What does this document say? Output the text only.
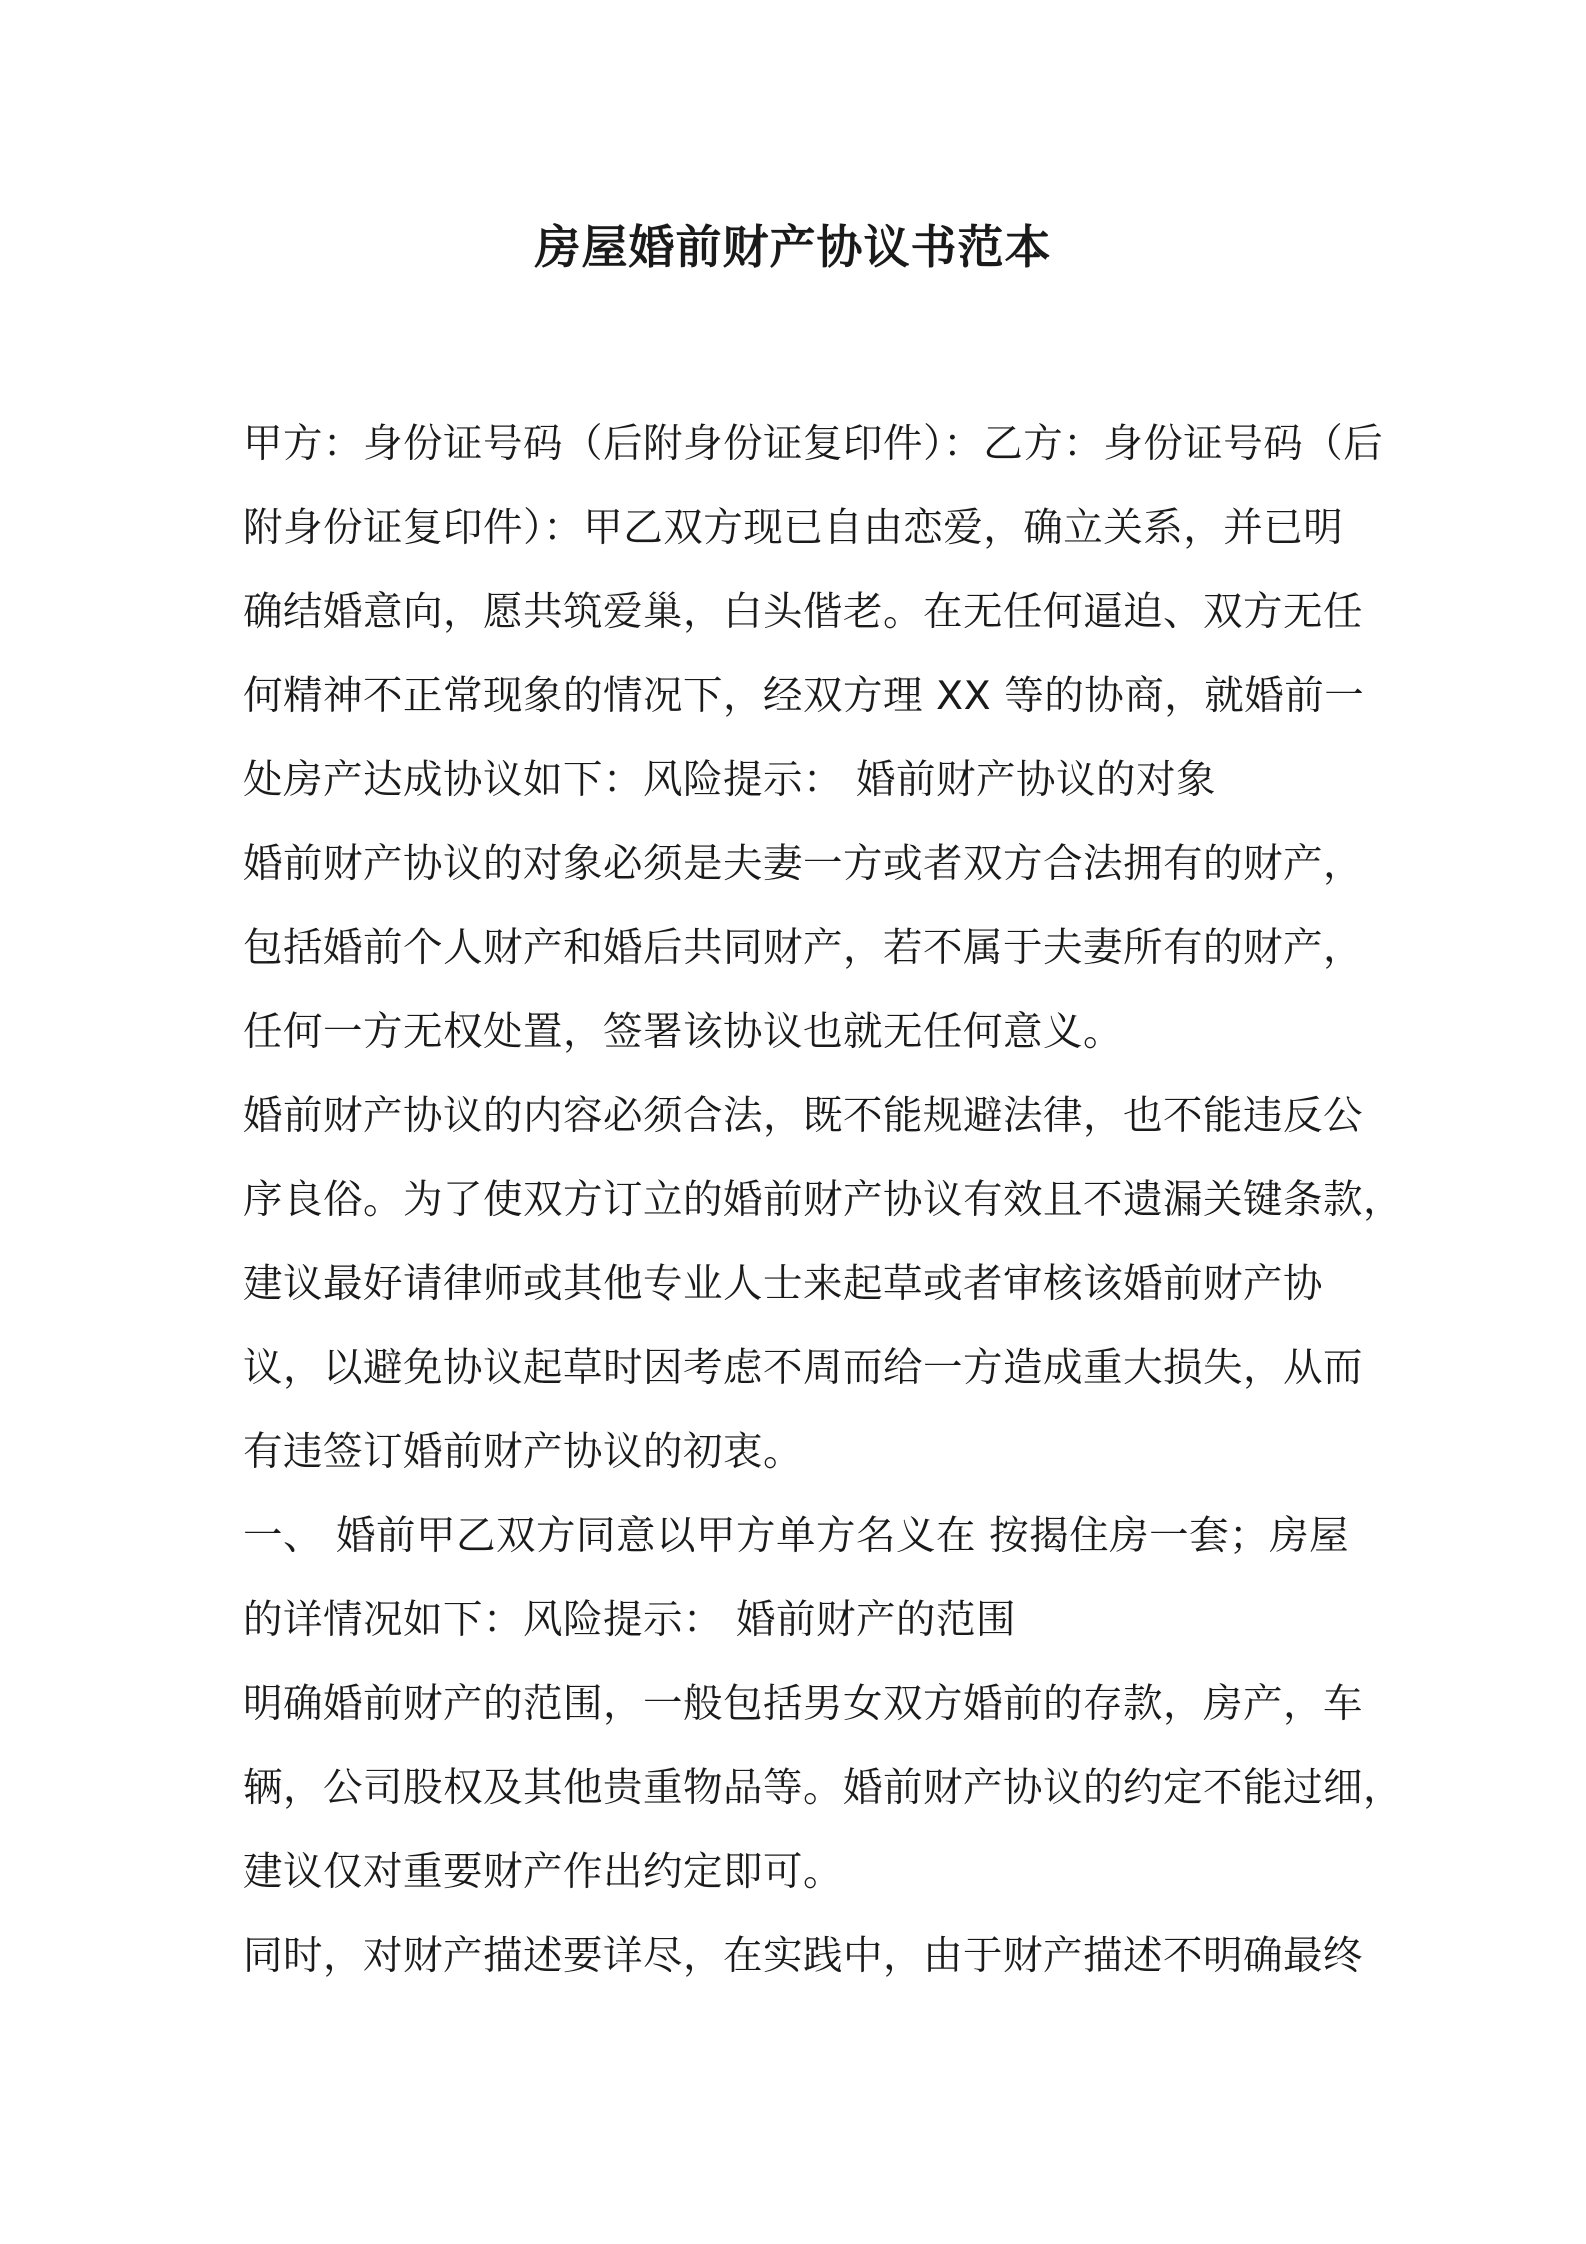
房屋婚前财产协议书范本
甲方：身份证号码（后附身份证复印件）：乙方：身份证号码（后
附身份证复印件）：甲乙双方现已自由恋爱，确立关系，并已明
确结婚意向，愿共筑爱巢，白头偕老。在无任何逼迫、双方无任
何精神不正常现象的情况下，经双方理 XX 等的协商，就婚前一
处房产达成协议如下：风险提示： 婚前财产协议的对象
婚前财产协议的对象必须是夫妻一方或者双方合法拥有的财产，
包括婚前个人财产和婚后共同财产，若不属于夫妻所有的财产，
任何一方无权处置，签署该协议也就无任何意义。
婚前财产协议的内容必须合法，既不能规避法律，也不能违反公
序良俗。为了使双方订立的婚前财产协议有效且不遗漏关键条款，
建议最好请律师或其他专业人士来起草或者审核该婚前财产协
议，以避免协议起草时因考虑不周而给一方造成重大损失，从而
有违签订婚前财产协议的初衷。
一、 婚前甲乙双方同意以甲方单方名义在 按揭住房一套；房屋
的详情况如下：风险提示： 婚前财产的范围
明确婚前财产的范围，一般包括男女双方婚前的存款，房产，车
辆，公司股权及其他贵重物品等。婚前财产协议的约定不能过细，
建议仅对重要财产作出约定即可。
同时，对财产描述要详尽，在实践中，由于财产描述不明确最终
